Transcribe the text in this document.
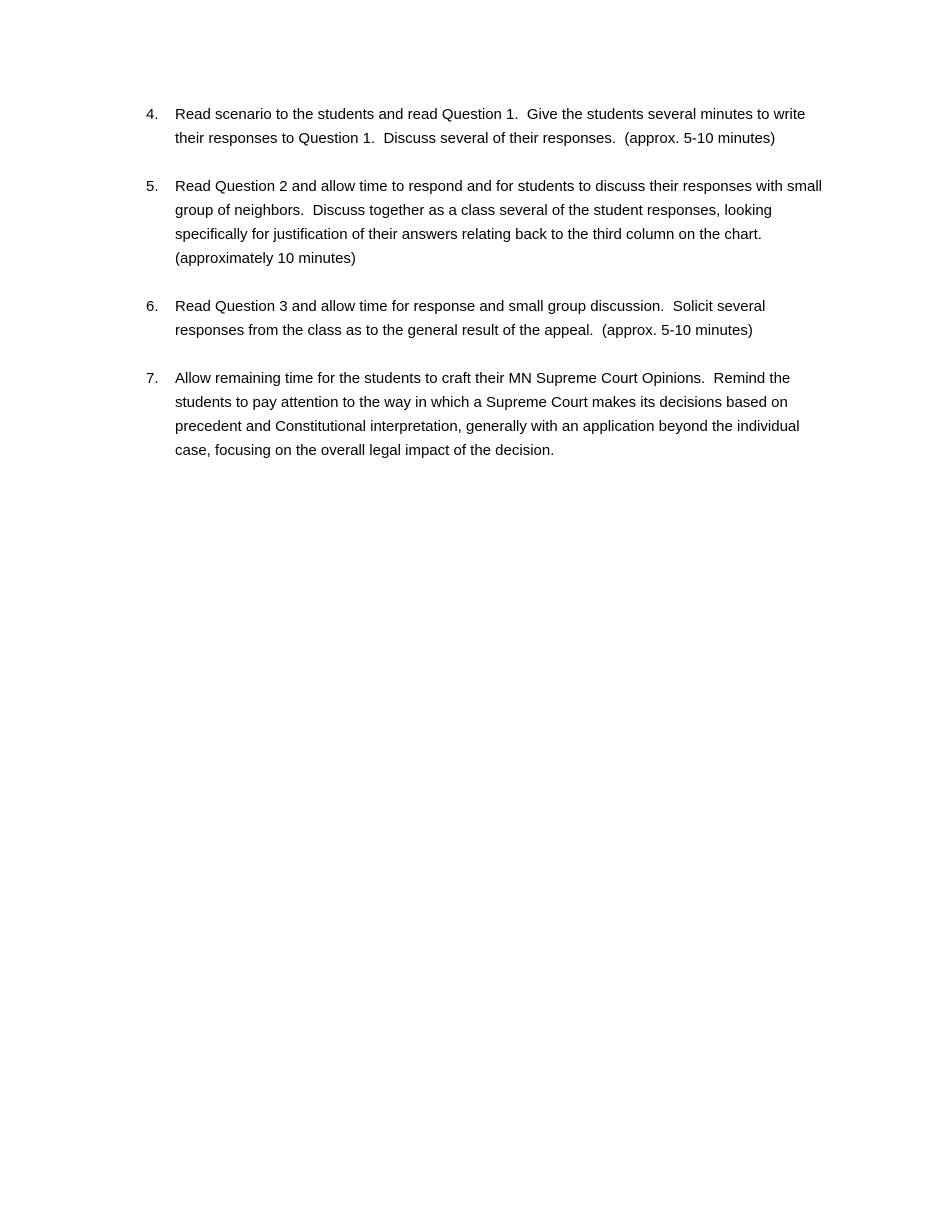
4.	Read scenario to the students and read Question 1.  Give the students several minutes to write their responses to Question 1.  Discuss several of their responses.  (approx. 5-10 minutes)
5.	Read Question 2 and allow time to respond and for students to discuss their responses with small group of neighbors.  Discuss together as a class several of the student responses, looking specifically for justification of their answers relating back to the third column on the chart. (approximately 10 minutes)
6.	Read Question 3 and allow time for response and small group discussion.  Solicit several responses from the class as to the general result of the appeal.  (approx. 5-10 minutes)
7.	Allow remaining time for the students to craft their MN Supreme Court Opinions.  Remind the students to pay attention to the way in which a Supreme Court makes its decisions based on precedent and Constitutional interpretation, generally with an application beyond the individual case, focusing on the overall legal impact of the decision.
